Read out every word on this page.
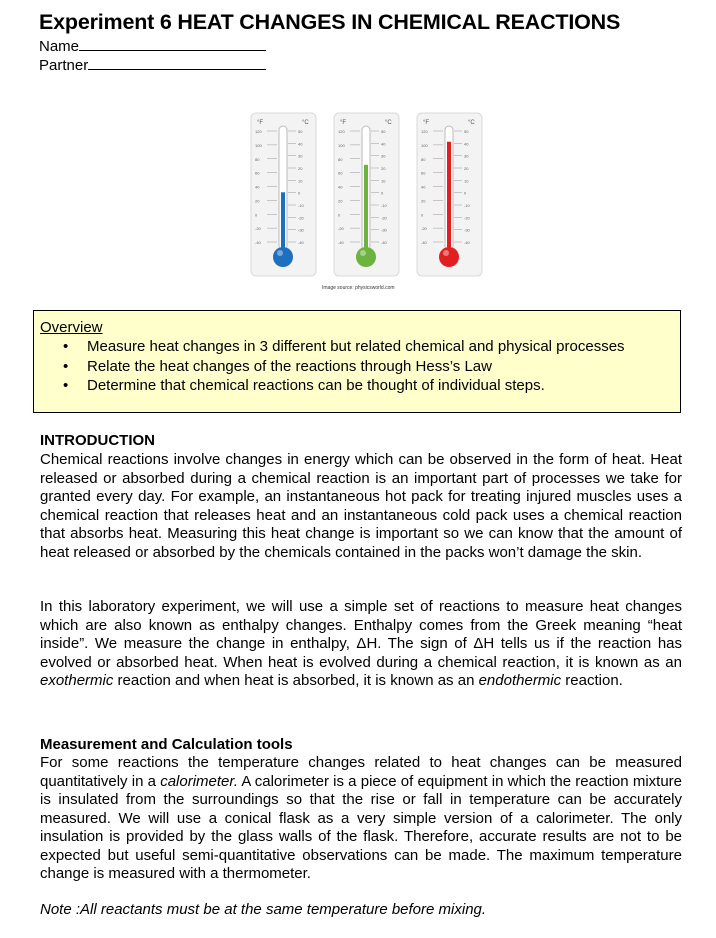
Experiment 6 HEAT CHANGES IN CHEMICAL REACTIONS
Name
Partner
°F	°C
120
100
80
60
40
20
0
-20
-40
50
40
30
20
10
0
-10
-20
-30
-40
°F	°C
120
100
80
60
40
20
0
-20
-40
50
40
30
20
10
0
-10
-20
-30
-40
°F	°C
120
100
80
60
40
20
0
-20
-40
50
40
30
20
10
0
-10
-20
-30
-40
Image source: physicsworld.com
Overview
• Measure heat changes in 3 different but related chemical and physical processes
• Relate the heat changes of the reactions through Hess’s Law
• Determine that chemical reactions can be thought of individual steps.
INTRODUCTION
Chemical reactions involve changes in energy which can be observed in the form of heat. Heat released or absorbed during a chemical reaction is an important part of processes we take for granted every day. For example, an instantaneous hot pack for treating injured muscles uses a chemical reaction that releases heat and an instantaneous cold pack uses a chemical reaction that absorbs heat. Measuring this heat change is important so we can know that the amount of heat released or absorbed by the chemicals contained in the packs won’t damage the skin.
In this laboratory experiment, we will use a simple set of reactions to measure heat changes which are also known as enthalpy changes. Enthalpy comes from the Greek meaning “heat inside”. We measure the change in enthalpy, ΔH. The sign of ΔH tells us if the reaction has evolved or absorbed heat. When heat is evolved during a chemical reaction, it is known as an exothermic reaction and when heat is absorbed, it is known as an endothermic reaction.
Measurement and Calculation tools
For some reactions the temperature changes related to heat changes can be measured quantitatively in a calorimeter. A calorimeter is a piece of equipment in which the reaction mixture is insulated from the surroundings so that the rise or fall in temperature can be accurately measured. We will use a conical flask as a very simple version of a calorimeter. The only insulation is provided by the glass walls of the flask. Therefore, accurate results are not to be expected but useful semi-quantitative observations can be made. The maximum temperature change is measured with a thermometer.
Note :All reactants must be at the same temperature before mixing.
